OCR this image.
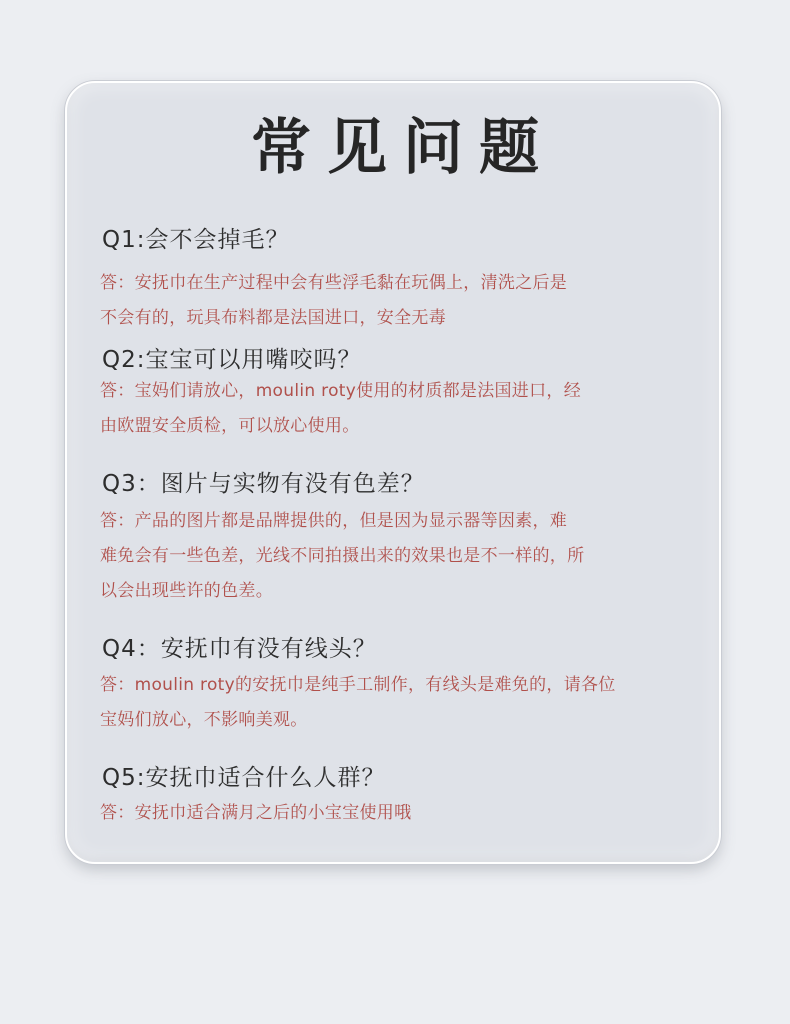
常见问题

Q1:会不会掉毛？

答：安抚巾在生产过程中会有些浮毛黏在玩偶上，清洗之后是
不会有的，玩具布料都是法国进口，安全无毒

Q2:宝宝可以用嘴咬吗？

答：宝妈们请放心，moulin roty使用的材质都是法国进口，经
由欧盟安全质检，可以放心使用。

Q3：图片与实物有没有色差？

答：产品的图片都是品牌提供的，但是因为显示器等因素，难
难免会有一些色差，光线不同拍摄出来的效果也是不一样的，所
以会出现些许的色差。

Q4：安抚巾有没有线头？

答：moulin roty的安抚巾是纯手工制作，有线头是难免的，请各位
宝妈们放心，不影响美观。

Q5:安抚巾适合什么人群？

答：安抚巾适合满月之后的小宝宝使用哦
